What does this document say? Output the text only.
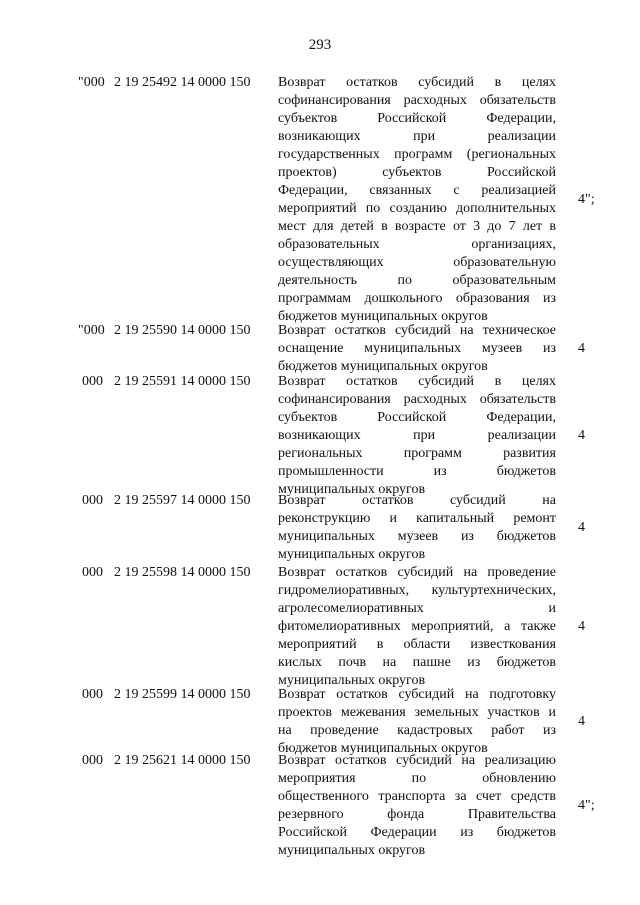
293
"000 2 19 25492 14 0000 150 Возврат остатков субсидий в целях
софинансирования расходных обязательств
субъектов Российской Федерации,
возникающих при реализации
государственных программ (региональных
проектов) субъектов Российской
Федерации, связанных с реализацией
мероприятий по созданию дополнительных
мест для детей в возрасте от 3 до 7 лет в
образовательных организациях,
осуществляющих образовательную
деятельность по образовательным
программам дошкольного образования из
бюджетов муниципальных округов
4";
"000 2 19 25590 14 0000 150 Возврат остатков субсидий на техническое
оснащение муниципальных музеев из
бюджетов муниципальных округов
4
000 2 19 25591 14 0000 150 Возврат остатков субсидий в целях
софинансирования расходных обязательств
субъектов Российской Федерации,
возникающих при реализации
региональных программ развития
промышленности из бюджетов
муниципальных округов
4
000 2 19 25597 14 0000 150 Возврат остатков субсидий на
реконструкцию и капитальный ремонт
муниципальных музеев из бюджетов
муниципальных округов
4
000 2 19 25598 14 0000 150 Возврат остатков субсидий на проведение
гидромелиоративных, культуртехнических,
агролесомелиоративных и
фитомелиоративных мероприятий, а также
мероприятий в области известкования
кислых почв на пашне из бюджетов
муниципальных округов
4
000 2 19 25599 14 0000 150 Возврат остатков субсидий на подготовку
проектов межевания земельных участков и
на проведение кадастровых работ из
бюджетов муниципальных округов
4
000 2 19 25621 14 0000 150 Возврат остатков субсидий на реализацию
мероприятия по обновлению
общественного транспорта за счет средств
резервного фонда Правительства
Российской Федерации из бюджетов
муниципальных округов
4";
